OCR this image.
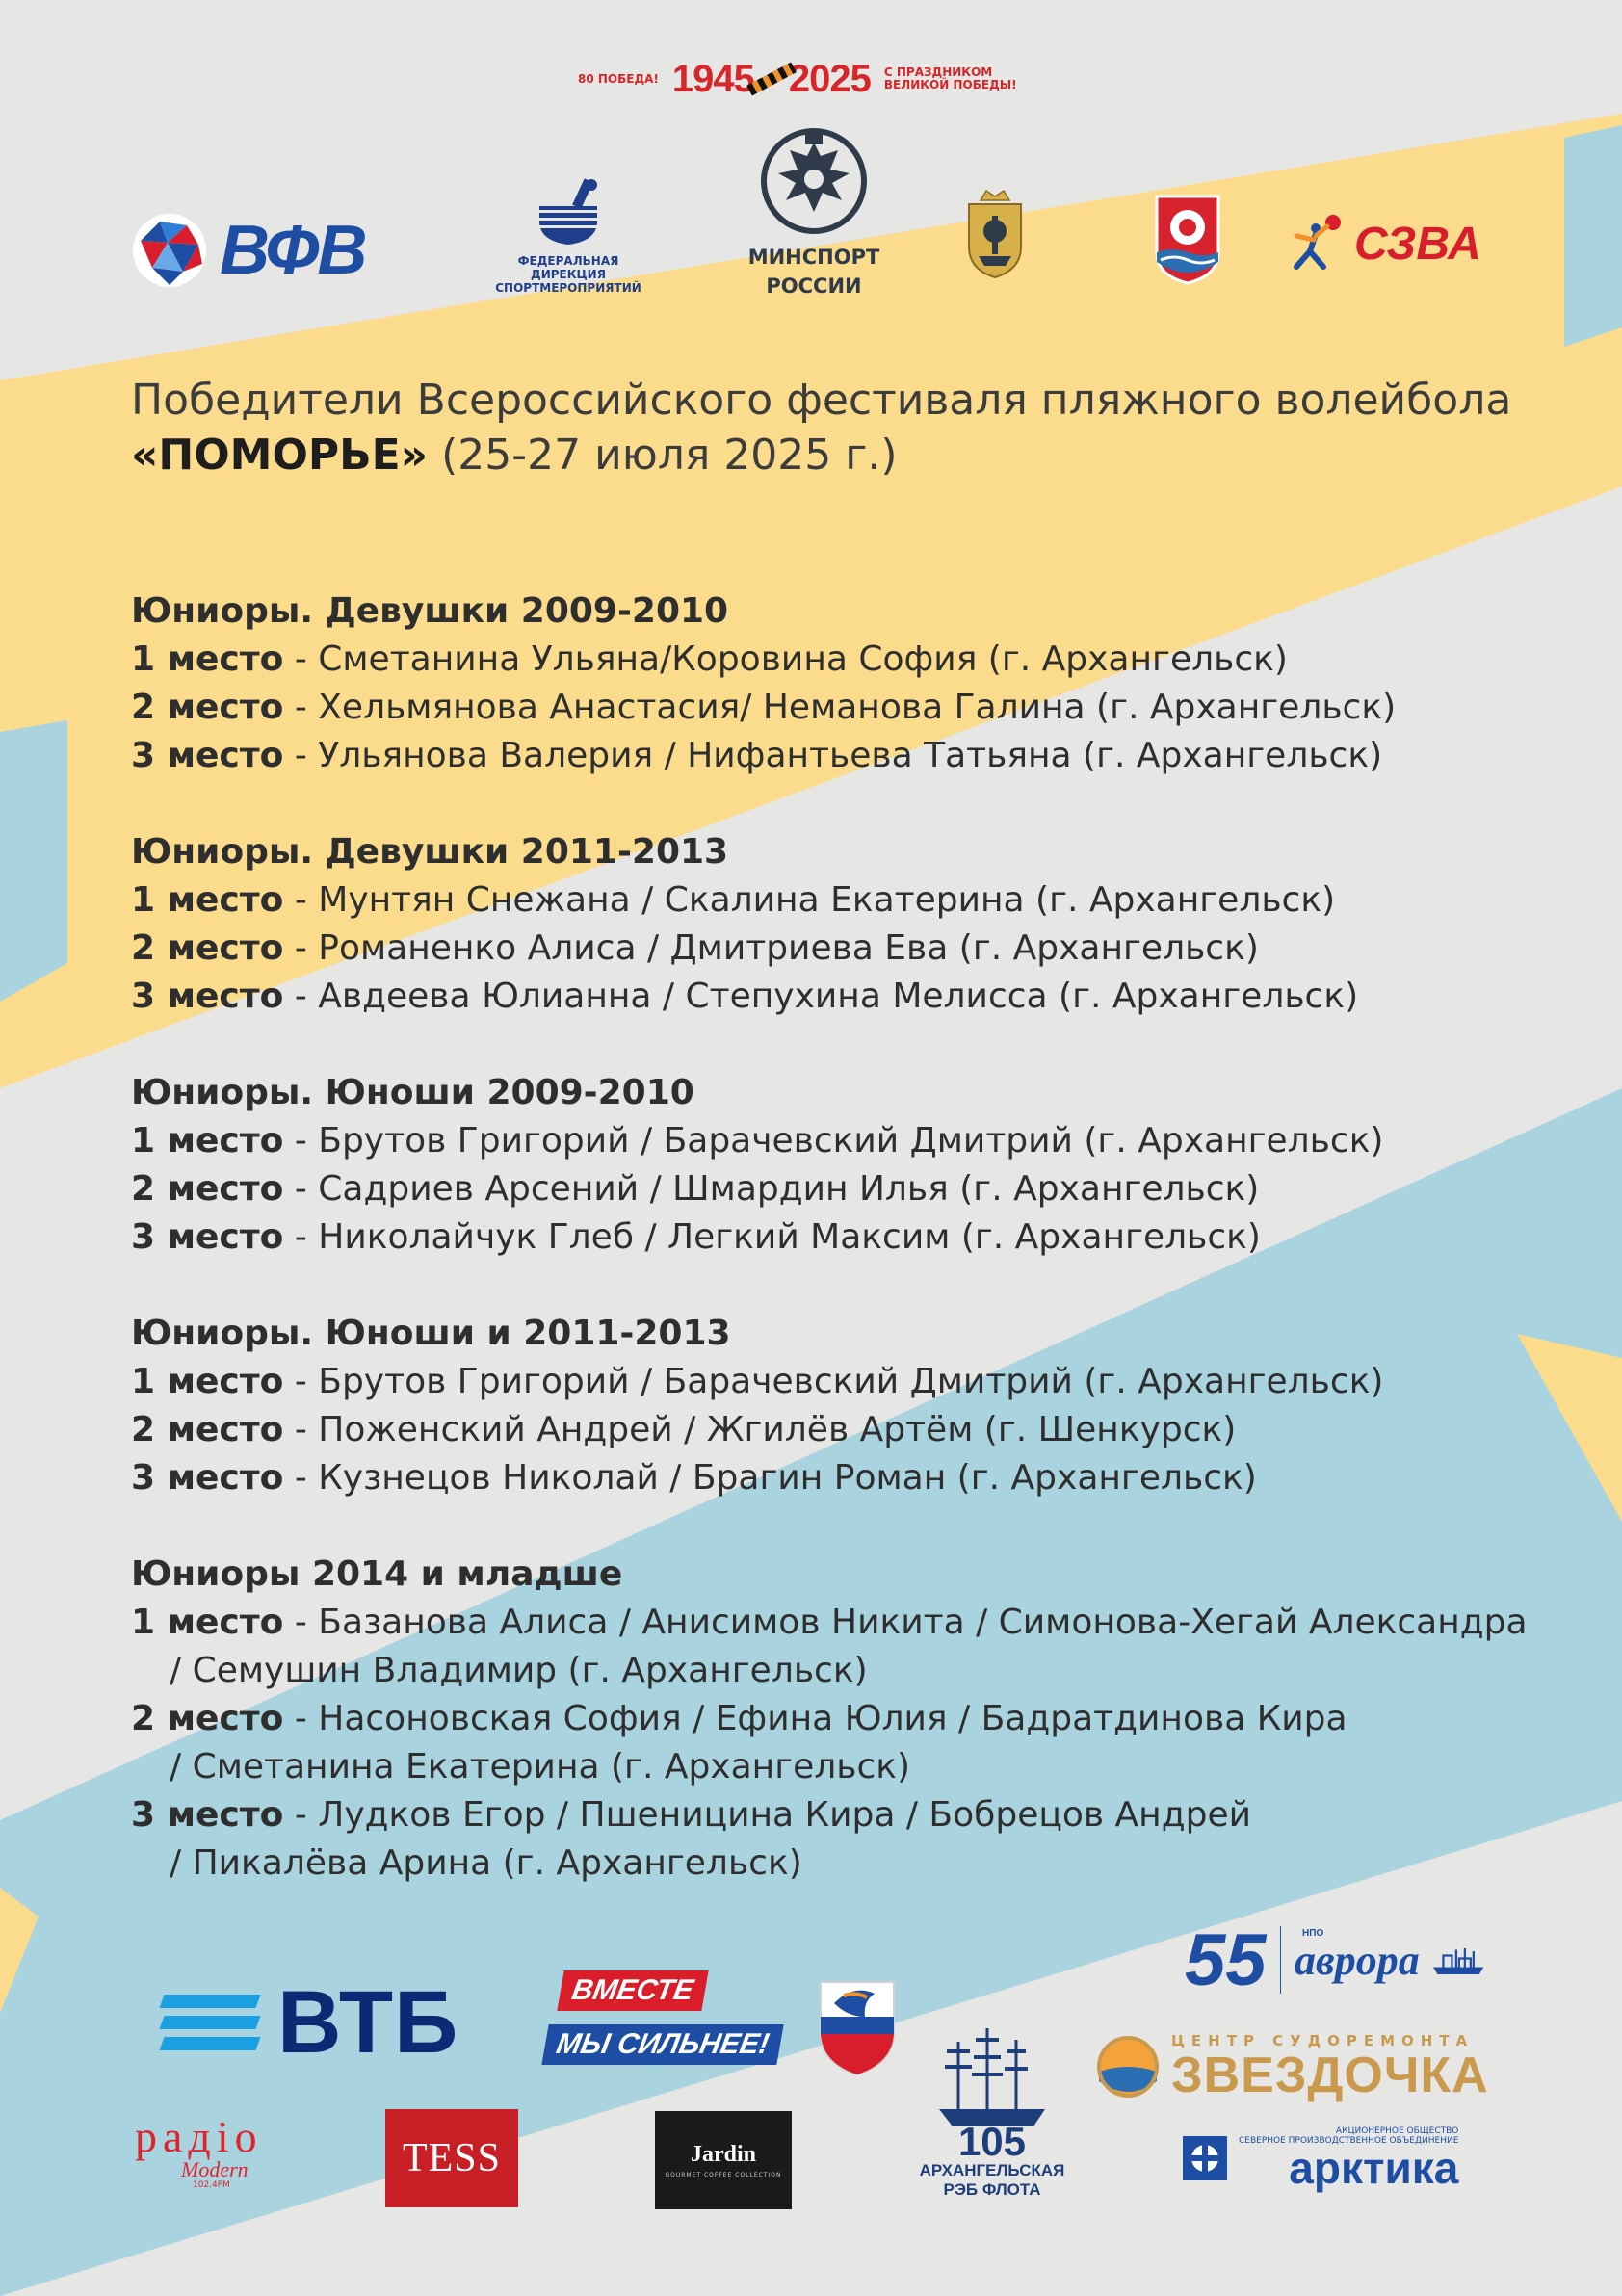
80 ПОБЕДА! 1945 2025 С ПРАЗДНИКОМ
ВЕЛИКОЙ ПОБЕДЫ!
ВФВ	ФЕДЕРАЛЬНАЯ
ДИРЕКЦИЯ
СПОРТМЕРОПРИЯТИЙ
МИНСПОРТ
РОССИИ
СЗВА
Победители Всероссийского фестиваля пляжного волейбола
«ПОМОРЬЕ» (25-27 июля 2025 г.)
Юниоры. Девушки 2009-2010
1 место - Сметанина Ульяна/Коровина София (г. Архангельск)
2 место - Хельмянова Анастасия/ Неманова Галина (г. Архангельск)
3 место - Ульянова Валерия / Нифантьева Татьяна (г. Архангельск)
Юниоры. Девушки 2011-2013
1 место - Мунтян Снежана / Скалина Екатерина (г. Архангельск)
2 место - Романенко Алиса / Дмитриева Ева (г. Архангельск)
3 место - Авдеева Юлианна / Степухина Мелисса (г. Архангельск)
Юниоры. Юноши 2009-2010
1 место - Брутов Григорий / Барачевский Дмитрий (г. Архангельск)
2 место - Садриев Арсений / Шмардин Илья (г. Архангельск)
3 место - Николайчук Глеб / Легкий Максим (г. Архангельск)
Юниоры. Юноши и 2011-2013
1 место - Брутов Григорий / Барачевский Дмитрий (г. Архангельск)
2 место - Поженский Андрей / Жгилёв Артём (г. Шенкурск)
3 место - Кузнецов Николай / Брагин Роман (г. Архангельск)
Юниоры 2014 и младше
1 место - Базанова Алиса / Анисимов Никита / Симонова-Хегай Александра
/ Семушин Владимир (г. Архангельск)
2 место - Насоновская София / Ефина Юлия / Бадратдинова Кира
/ Сметанина Екатерина (г. Архангельск)
3 место - Лудков Егор / Пшеницина Кира / Бобрецов Андрей
/ Пикалёва Арина (г. Архангельск)
ВТБ	ВМЕСТЕ
МЫ СИЛЬНЕЕ!
105
АРХАНГЕЛЬСКАЯ
РЭБ ФЛОТА
55	НПО
аврора
ЦЕНТР СУДОРЕМОНТА
ЗВЕЗДОЧКА
АКЦИОНЕРНОЕ ОБЩЕСТВО
СЕВЕРНОЕ ПРОИЗВОДСТВЕННОЕ ОБЪЕДИНЕНИЕ
арктика
радіо
Modern
102.4FM
TESS	Jardin
GOURMET COFFEE COLLECTION
